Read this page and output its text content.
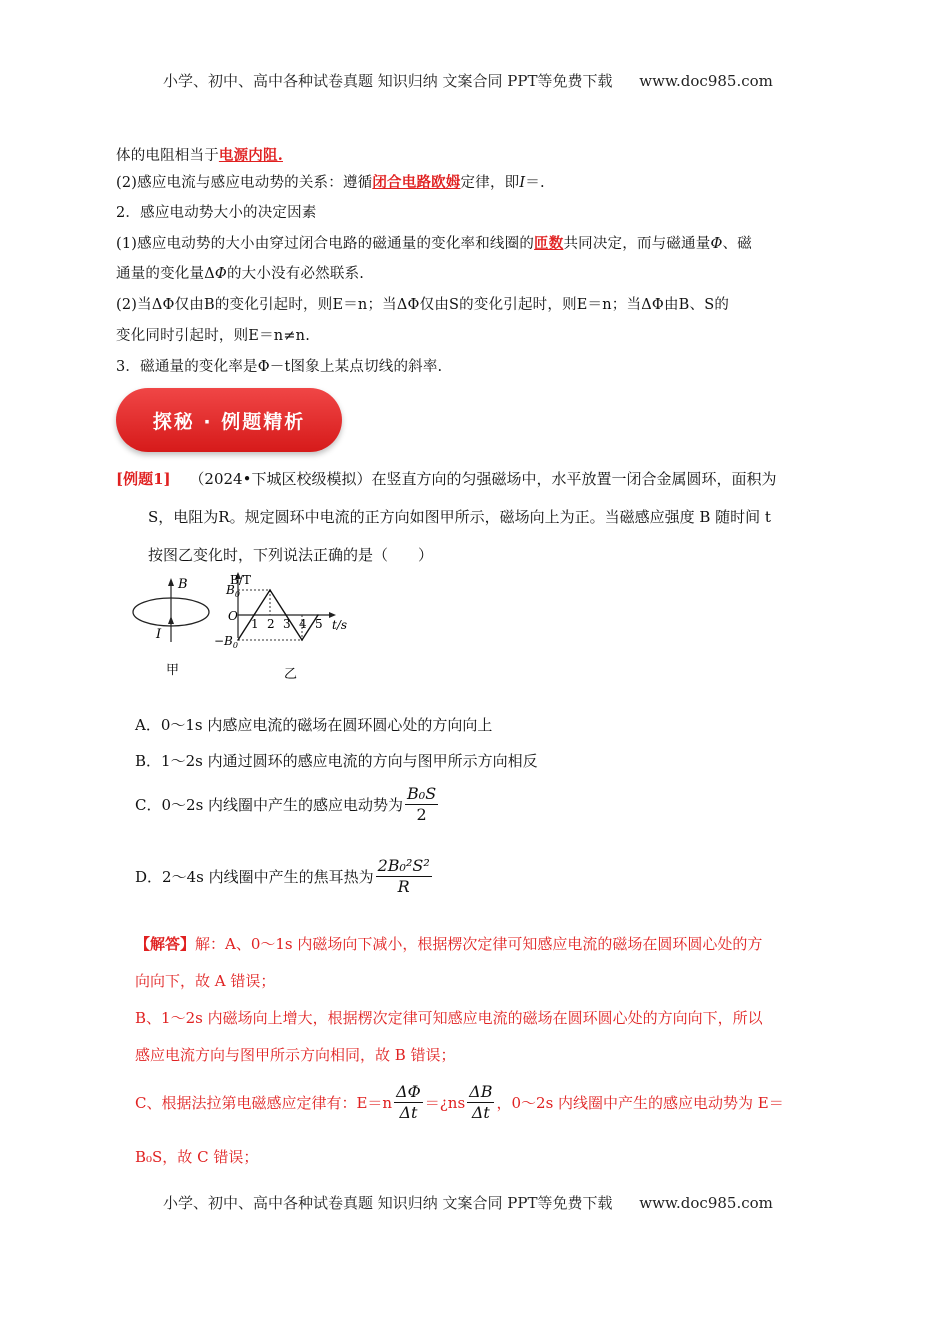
小学、初中、高中各种试卷真题 知识归纳 文案合同 PPT等免费下载 www.doc985.com
体的电阻相当于电源内阻.
(2)感应电流与感应电动势的关系：遵循闭合电路欧姆定律，即I＝.
2．感应电动势大小的决定因素
(1)感应电动势的大小由穿过闭合电路的磁通量的变化率和线圈的匝数共同决定，而与磁通量Φ、磁
通量的变化量ΔΦ的大小没有必然联系.
(2)当ΔΦ仅由B的变化引起时，则E＝n；当ΔΦ仅由S的变化引起时，则E＝n；当ΔΦ由B、S的
变化同时引起时，则E＝n≠n.
3．磁通量的变化率是Φ－t图象上某点切线的斜率.
探秘 · 例题精析
[例题1] （2024•下城区校级模拟）在竖直方向的匀强磁场中，水平放置一闭合金属圆环，面积为
S，电阻为R。规定圆环中电流的正方向如图甲所示，磁场向上为正。当磁感应强度 B 随时间 t
按图乙变化时，下列说法正确的是（　　）
B
I
甲
1 2 3 4 5
B/T
t/s
O
$B_0$
$-B_0$
乙
A．0～1s 内感应电流的磁场在圆环圆心处的方向向上
B．1～2s 内通过圆环的感应电流的方向与图甲所示方向相反
C．0～2s 内线圈中产生的感应电动势为 $\frac{\text{B₀S}}{2}$
D．2～4s 内线圈中产生的焦耳热为 $\frac{\text{2B₀²S²}}{R}$
【解答】解：A、0～1s 内磁场向下减小，根据楞次定律可知感应电流的磁场在圆环圆心处的方
向向下，故 A 错误；
B、1～2s 内磁场向上增大，根据楞次定律可知感应电流的磁场在圆环圆心处的方向向下，所以
感应电流方向与图甲所示方向相同，故 B 错误；
C、根据法拉第电磁感应定律有：$E=n \frac{\Delta\Phi}{\Delta t}$ ＝¿ns $\frac{\Delta B}{\Delta t}$ ，0～2s 内线圈中产生的感应电动势为 E＝
B₀S，故 C 错误；
小学、初中、高中各种试卷真题 知识归纳 文案合同 PPT等免费下载 www.doc985.com
